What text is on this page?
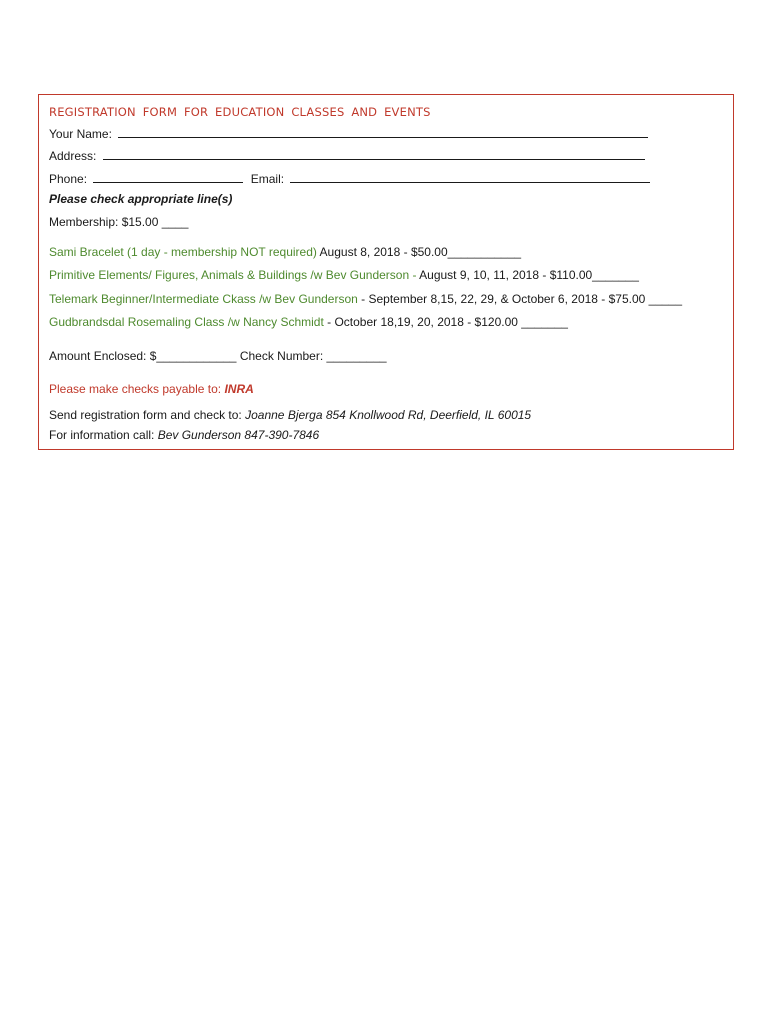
REGISTRATION FORM FOR EDUCATION CLASSES AND EVENTS
Your Name:
Address:
Phone:	Email:
Please check appropriate line(s)
Membership: $15.00 ____
Sami Bracelet (1 day - membership NOT required) August 8, 2018 - $50.00___________
Primitive Elements/ Figures, Animals & Buildings /w Bev Gunderson - August 9, 10, 11, 2018 - $110.00_______
Telemark Beginner/Intermediate Ckass /w Bev Gunderson - September 8,15, 22, 29, & October 6, 2018 - $75.00 _____
Gudbrandsdal Rosemaling Class /w Nancy Schmidt - October 18,19, 20, 2018 - $120.00 _______
Amount Enclosed: $____________ Check Number: _________
Please make checks payable to: INRA
Send registration form and check to: Joanne Bjerga 854 Knollwood Rd, Deerfield, IL 60015
For information call: Bev Gunderson 847-390-7846
